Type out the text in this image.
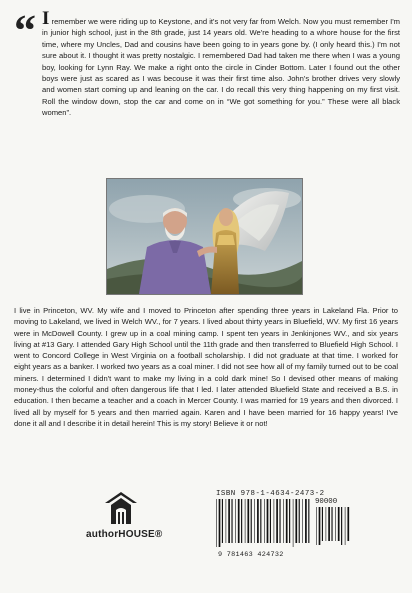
“ I remember we were riding up to Keystone, and it's not very far from Welch. Now you must remember I'm in junior high school, just in the 8th grade, just 14 years old. We're heading to a whore house for the first time, where my Uncles, Dad and cousins have been going to in years gone by. (I only heard this.) I'm not sure about it. I thought it was pretty nostalgic. I remembered Dad had taken me there when I was a young boy, looking for Lynn Ray. We make a right onto the circle in Cinder Bottom. Later I found out the other boys were just as scared as I was becouse it was their first time also. John's brother drives very slowly and women start coming up and leaning on the car. I do recall this very thing happening on my first visit. Roll the window down, stop the car and come on in “We got something for you.” These were all black women”.

I live in Princeton, WV. My wife and I moved to Princeton after spending three years in Lakeland Fla. Prior to moving to Lakeland, we lived in Welch WV., for 7 years. I lived about thirty years in Bluefield, WV. My first 16 years were in McDowell County. I grew up in a coal mining camp. I spent ten years in Jenkinjones WV., and six years living at #13 Gary. I attended Gary High School until the 11th grade and then transferred to Bluefield High School. I went to Concord College in West Virginia on a football scholarship. I did not graduate at that time. I worked for eight years as a banker. I worked two years as a coal miner. I did not see how all of my family turned out to be coal miners. I determined I didn't want to make my living in a cold dark mine! So I devised other means of making money-thus the colorful and often dangerous life that I led. I later attended Bluefield State and received a B.S. in education. I then became a teacher and a coach in Mercer County. I was married for 19 years and then divorced. I lived all by myself for 5 years and then married again. Karen and I have been married for 16 happy years! I've done it all and I describe it in detail herein! This is my story! Believe it or not!

authorHOUSE®
ISBN 978-1-4634-2473-2
90000
9 781463 424732
